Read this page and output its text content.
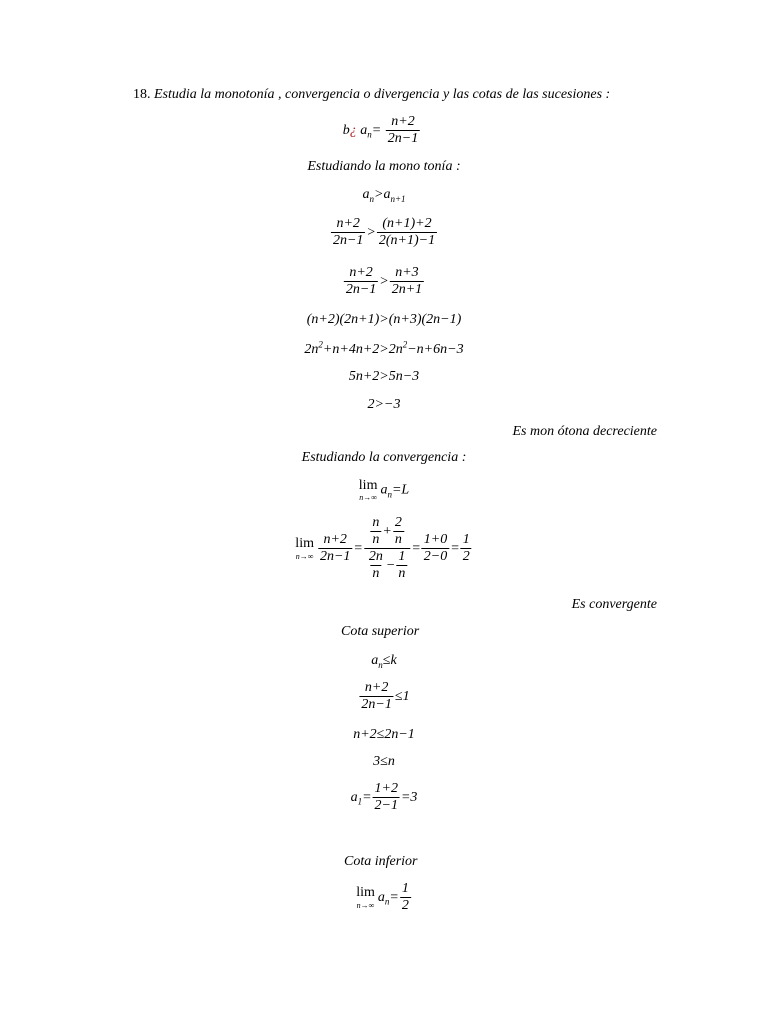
18. Estudia la monotonía , convergencia o divergencia y las cotas de las sucesiones :
b¿ $a_n= \frac{n+2}{2n-1}$
Estudiando la mono tonía :
$a_n>a_{n+1}$
$\frac{n+2}{2n-1} > \frac{(n+1)+2}{2(n+1)-1}$
$\frac{n+2}{2n-1} > \frac{n+3}{2n+1}$
(n+2)(2n+1)>(n+3)(2n−1)
$2n^2+n+4n+2>2n^2-n+6n-3$
5n+2>5n−3
2>−3
Es mon ótona decreciente
Estudiando la convergencia :
lim
n→∞
$a_n=L$
lim
$n\to\infty \frac{n+2}{2n-1} = \frac{\frac{n}{n} + \frac{2}{n}}{\frac{2n}{n} - \frac{1}{n}} = \frac{1+0}{2-0} = \frac{1}{2}$
Es convergente
Cota superior
$a_n\le k$
$\frac{n+2}{2n-1} \le 1$
n+2≤2n−1
3≤n
$a_1= \frac{1+2}{2-1} =3$
Cota inferior
lim
n→∞
$a_n= \frac{1}{2}$
